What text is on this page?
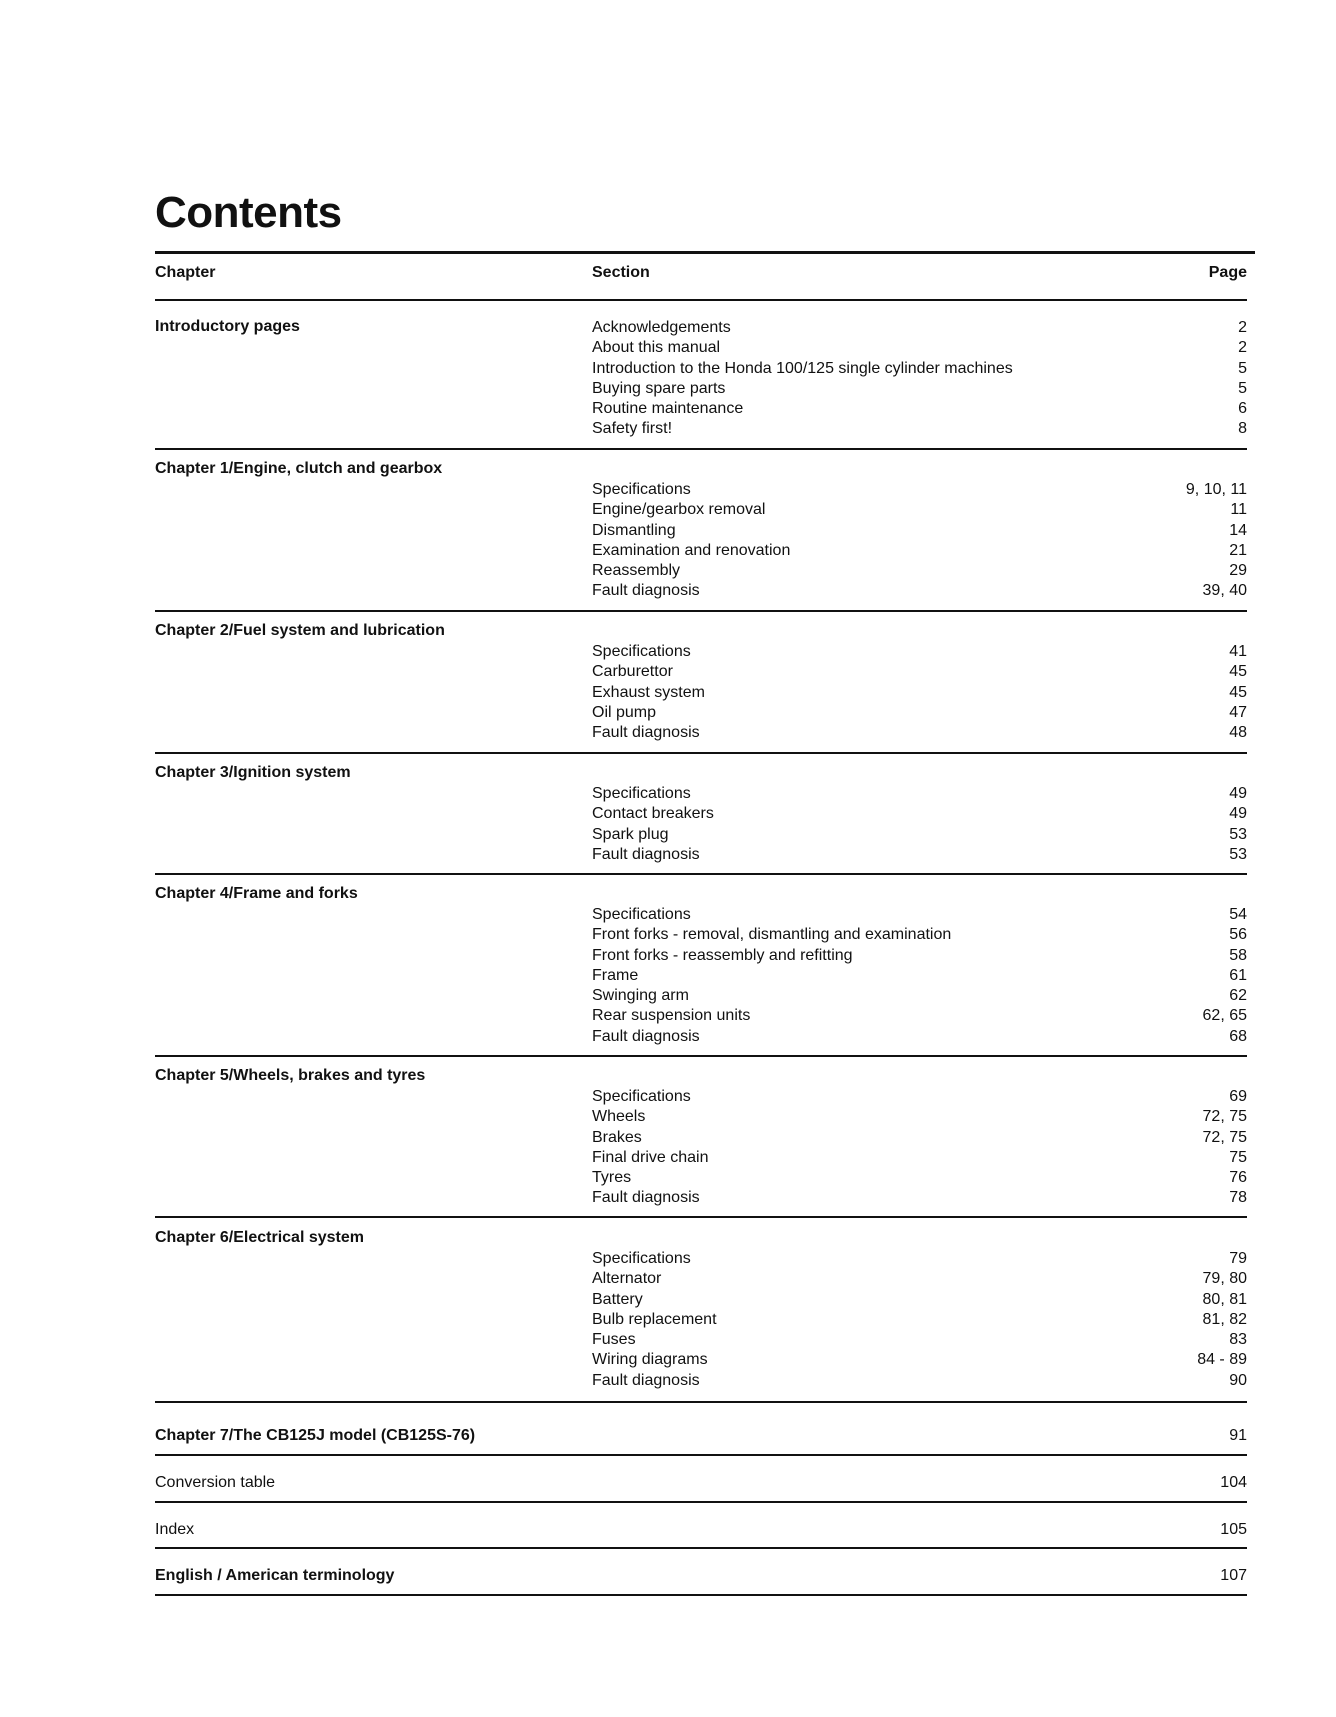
Contents
Chapter	Section	Page
Introductory pages	Acknowledgements	2
About this manual	2
Introduction to the Honda 100/125 single cylinder machines	5
Buying spare parts	5
Routine maintenance	6
Safety first!	8
Chapter 1/Engine, clutch and gearbox
Specifications	9, 10, 11
Engine/gearbox removal	11
Dismantling	14
Examination and renovation	21
Reassembly	29
Fault diagnosis	39, 40
Chapter 2/Fuel system and lubrication
Specifications	41
Carburettor	45
Exhaust system	45
Oil pump	47
Fault diagnosis	48
Chapter 3/Ignition system
Specifications	49
Contact breakers	49
Spark plug	53
Fault diagnosis	53
Chapter 4/Frame and forks
Specifications	54
Front forks - removal, dismantling and examination	56
Front forks - reassembly and refitting	58
Frame	61
Swinging arm	62
Rear suspension units	62, 65
Fault diagnosis	68
Chapter 5/Wheels, brakes and tyres
Specifications	69
Wheels	72, 75
Brakes	72, 75
Final drive chain	75
Tyres	76
Fault diagnosis	78
Chapter 6/Electrical system
Specifications	79
Alternator	79, 80
Battery	80, 81
Bulb replacement	81, 82
Fuses	83
Wiring diagrams	84 - 89
Fault diagnosis	90
Chapter 7/The CB125J model (CB125S-76)	91
Conversion table	104
Index	105
English / American terminology	107
